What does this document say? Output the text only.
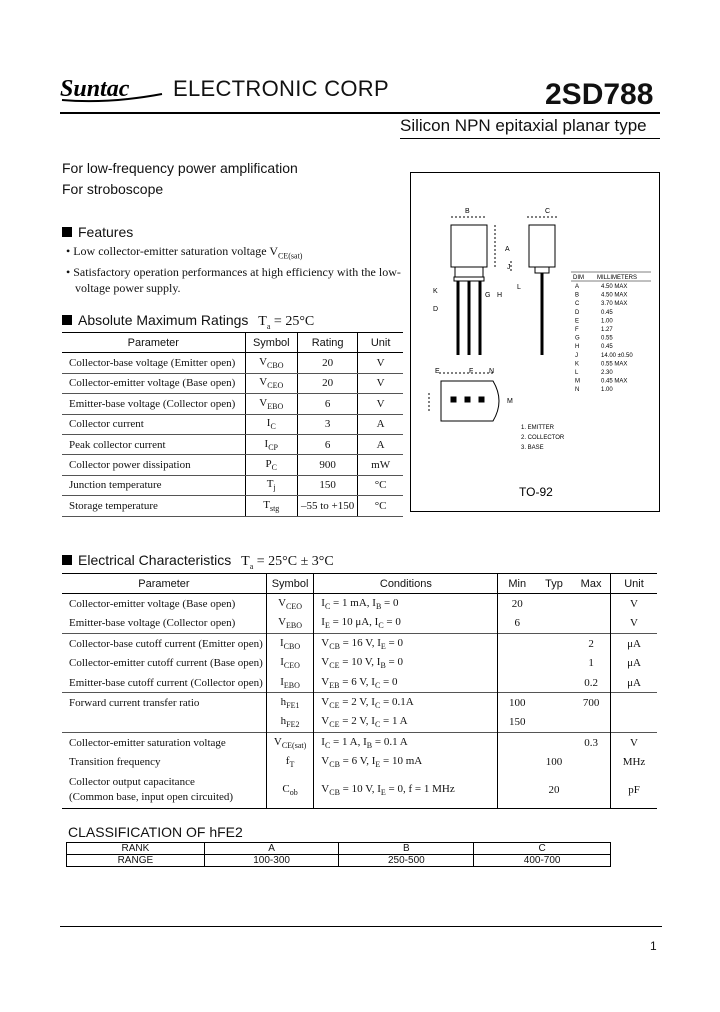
Suntac ELECTRONIC CORP	2SD788
Silicon NPN epitaxial planar type
For low-frequency power amplification
For stroboscope
Features
• Low collector-emitter saturation voltage $V_{CE(sat)}$
• Satisfactory operation performances at high efficiency with the low-
voltage power supply.
Absolute Maximum Ratings $T_a = 25^\circ C$
Parameter	Symbol	Rating	Unit
Collector-base voltage (Emitter open)	$V_{CBO}$	20	V
Collector-emitter voltage (Base open)	$V_{CEO}$	20	V
Emitter-base voltage (Collector open)	$V_{EBO}$	6	V
Collector current	$I_C$	3	A
Peak collector current	$I_{CP}$	6	A
Collector power dissipation	$P_C$	900	mW
Junction temperature	$T_j$	150	°C
Storage temperature	$T_{stg}$	–55 to +150	°C
B	C
A
K
D
G H
L
J
E	F N
M
DIM MILLIMETERS
A	4.50 MAX
B	4.50 MAX
C	3.70 MAX
D	0.45
E	1.00
F	1.27
G	0.55
H	0.45
J	14.00 ±0.50
K	0.55 MAX
L	2.30
M	0.45 MAX
N	1.00
1. EMITTER
2. COLLECTOR
3. BASE
TO-92
Electrical Characteristics $T_a = 25^\circ C \pm 3^\circ C$
Parameter	Symbol	Conditions	Min	Typ	Max	Unit
Collector-emitter voltage (Base open)	$V_{CEO}$	$I_C = 1$ mA, $I_B = 0$	20			V
Emitter-base voltage (Collector open)	$V_{EBO}$	$I_E = 10$ μA, $I_C = 0$	6			V
Collector-base cutoff current (Emitter open)	$I_{CBO}$	$V_{CB} = 16$ V, $I_E = 0$			2	μA
Collector-emitter cutoff current (Base open)	$I_{CEO}$	$V_{CE} = 10$ V, $I_B = 0$			1	μA
Emitter-base cutoff current (Collector open)	$I_{EBO}$	$V_{EB} = 6$ V, $I_C = 0$			0.2	μA
Forward current transfer ratio	$h_{FE1}$	$V_{CE} = 2$ V, $I_C = 0.1A$	100		700	
	$h_{FE2}$	$V_{CE} = 2$ V, $I_C = 1$ A	150			
Collector-emitter saturation voltage	$V_{CE(sat)}$	$I_C = 1$ A, $I_B = 0.1$ A			0.3	V
Transition frequency	$f_T$	$V_{CB} = 6$ V, $I_E = 10$ mA		100		MHz

Collector output capacitance
(Common base, input open circuited)	$C_{ob}$	$V_{CB} = 10$ V, $I_E = 0$, f = 1 MHz		20		pF
CLASSIFICATION OF hFE2
RANK	A	B	C
RANGE	100-300	250-500	400-700
1
